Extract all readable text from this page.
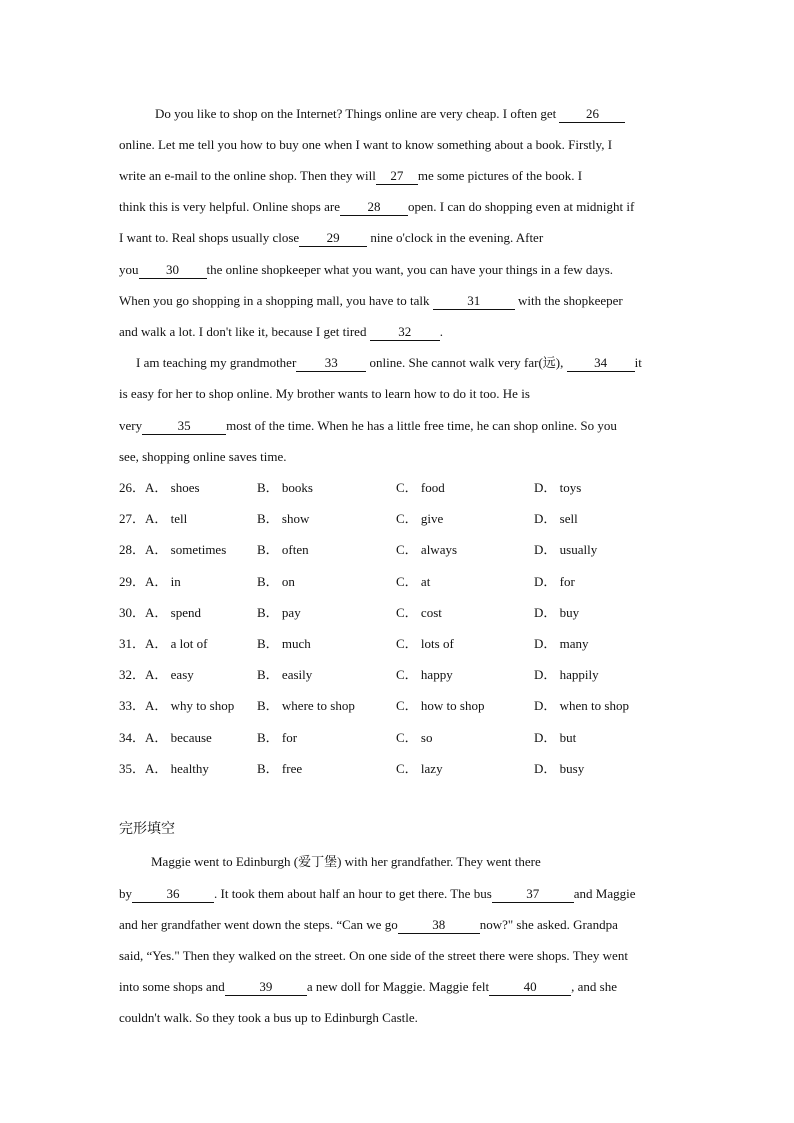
Do you like to shop on the Internet? Things online are very cheap. I often get 26
online. Let me tell you how to buy one when I want to know something about a book. Firstly, I
write an e-mail to the online shop. Then they will 27 me some pictures of the book. I
think this is very helpful. Online shops are 28 open. I can do shopping even at midnight if
I want to. Real shops usually close 29 nine o'clock in the evening. After
you 30 the online shopkeeper what you want, you can have your things in a few days.
When you go shopping in a shopping mall, you have to talk	31	with the shopkeeper
and walk a lot. I don't like it, because I get tired 32 .
I am teaching my grandmother 33 online. She cannot walk very far(远), 34 it
is easy for her to shop online. My brother wants to learn how to do it too. He is
very	35	most of the time. When he has a little free time, he can shop online. So you
see, shopping online saves time.
26．A． shoes	B． books	C． food	D． toys
27．A． tell	B． show	C． give	D． sell
28．A． sometimes B． often	C． always	D． usually
29．A． in	B． on	C． at	D． for
30．A． spend	B． pay	C． cost	D． buy
31．A． a lot of	B． much	C． lots of	D． many
32．A． easy	B． easily	C． happy	D． happily
33．A． why to shop B． where to shop	C． how to shop	D． when to shop
34．A． because	B． for	C． so	D． but
35．A． healthy	B． free	C． lazy	D． busy
完形填空
Maggie went to Edinburgh (爱丁堡) with her grandfather. They went there
by	36	. It took them about half an hour to get there. The bus	37	and Maggie
and her grandfather went down the steps. “Can we go	38	now?" she asked. Grandpa
said, “Yes." Then they walked on the street. On one side of the street there were shops. They went
into some shops and	39	a new doll for Maggie. Maggie felt	40	, and she
couldn't walk. So they took a bus up to Edinburgh Castle.
